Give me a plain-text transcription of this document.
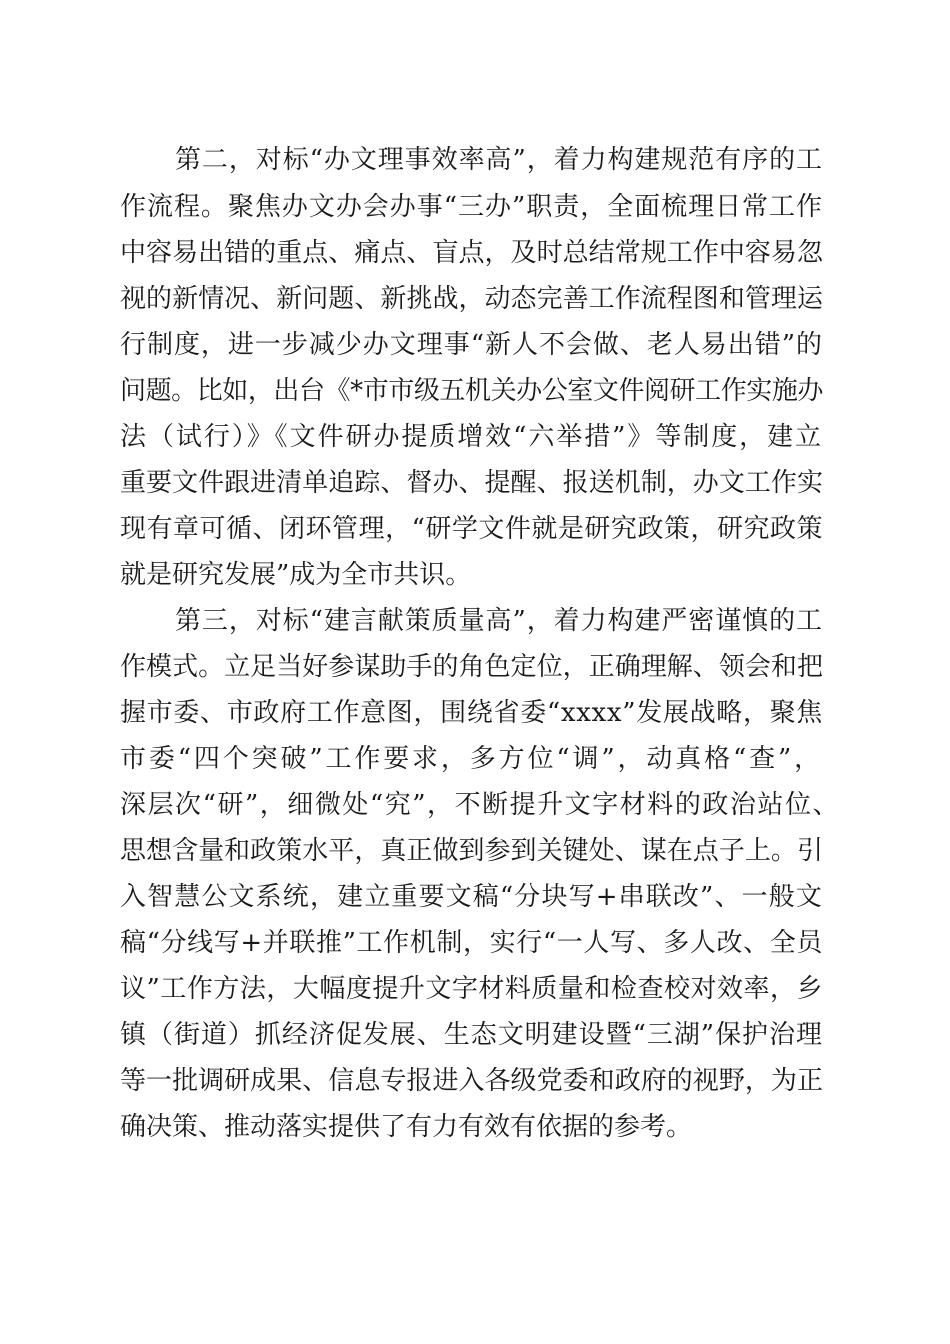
第二，对标“办文理事效率高”，着力构建规范有序的工
作流程。聚焦办文办会办事“三办”职责，全面梳理日常工作
中容易出错的重点、痛点、盲点，及时总结常规工作中容易忽
视的新情况、新问题、新挑战，动态完善工作流程图和管理运
行制度，进一步减少办文理事“新人不会做、老人易出错”的
问题。比如，出台《*市市级五机关办公室文件阅研工作实施办
法（试行）》《文件研办提质增效“六举措”》等制度，建立
重要文件跟进清单追踪、督办、提醒、报送机制，办文工作实
现有章可循、闭环管理，“研学文件就是研究政策，研究政策
就是研究发展”成为全市共识。
第三，对标“建言献策质量高”，着力构建严密谨慎的工
作模式。立足当好参谋助手的角色定位，正确理解、领会和把
握市委、市政府工作意图，围绕省委“xxxx”发展战略，聚焦
市委“四个突破”工作要求，多方位“调”，动真格“查”，
深层次“研”，细微处“究”，不断提升文字材料的政治站位、
思想含量和政策水平，真正做到参到关键处、谋在点子上。引
入智慧公文系统，建立重要文稿“分块写+串联改”、一般文
稿“分线写+并联推”工作机制，实行“一人写、多人改、全员
议”工作方法，大幅度提升文字材料质量和检查校对效率，乡
镇（街道）抓经济促发展、生态文明建设暨“三湖”保护治理
等一批调研成果、信息专报进入各级党委和政府的视野，为正
确决策、推动落实提供了有力有效有依据的参考。
